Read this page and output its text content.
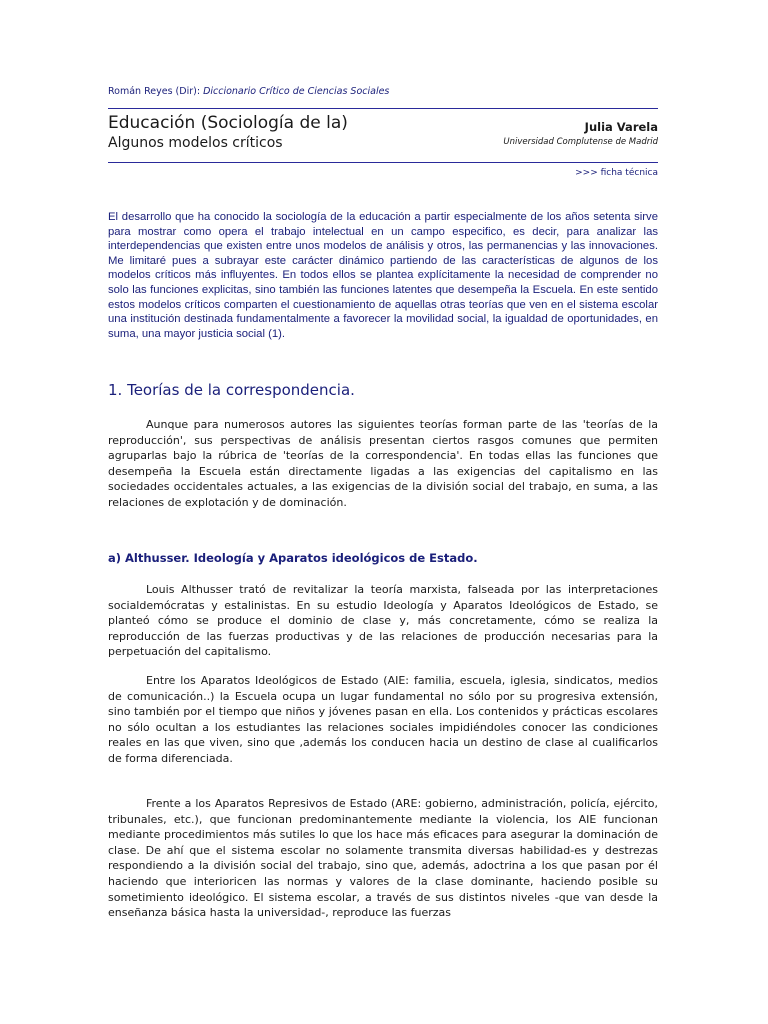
Román Reyes (Dir): Diccionario Crítico de Ciencias Sociales
Educación (Sociología de la)
Algunos modelos críticos
Julia Varela
Universidad Complutense de Madrid
>>> ficha técnica

El desarrollo que ha conocido la sociología de la educación a partir especialmente de los años setenta sirve para mostrar como opera el trabajo intelectual en un campo especifico, es decir, para analizar las interdependencias que existen entre unos modelos de análisis y otros, las permanencias y las innovaciones. Me limitaré pues a subrayar este carácter dinámico partiendo de las características de algunos de los modelos críticos más influyentes. En todos ellos se plantea explícitamente la necesidad de comprender no solo las funciones explicitas, sino también las funciones latentes que desempeña la Escuela. En este sentido estos modelos críticos comparten el cuestionamiento de aquellas otras teorías que ven en el sistema escolar una institución destinada fundamentalmente a favorecer la movilidad social, la igualdad de oportunidades, en suma, una mayor justicia social (1).

1. Teorías de la correspondencia.

Aunque para numerosos autores las siguientes teorías forman parte de las 'teorías de la reproducción', sus perspectivas de análisis presentan ciertos rasgos comunes que permiten agruparlas bajo la rúbrica de 'teorías de la correspondencia'. En todas ellas las funciones que desempeña la Escuela están directamente ligadas a las exigencias del capitalismo en las sociedades occidentales actuales, a las exigencias de la división social del trabajo, en suma, a las relaciones de explotación y de dominación.

a) Althusser. Ideología y Aparatos ideológicos de Estado.

Louis Althusser trató de revitalizar la teoría marxista, falseada por las interpretaciones socialdemócratas y estalinistas. En su estudio Ideología y Aparatos Ideológicos de Estado, se planteó cómo se produce el dominio de clase y, más concretamente, cómo se realiza la reproducción de las fuerzas productivas y de las relaciones de producción necesarias para la perpetuación del capitalismo.

Entre los Aparatos Ideológicos de Estado (AIE: familia, escuela, iglesia, sindicatos, medios de comunicación..) la Escuela ocupa un lugar fundamental no sólo por su progresiva extensión, sino también por el tiempo que niños y jóvenes pasan en ella. Los contenidos y prácticas escolares no sólo ocultan a los estudiantes las relaciones sociales impidiéndoles conocer las condiciones reales en las que viven, sino que ,además los conducen hacia un destino de clase al cualificarlos de forma diferenciada.

Frente a los Aparatos Represivos de Estado (ARE: gobierno, administración, policía, ejército, tribunales, etc.), que funcionan predominantemente mediante la violencia, los AIE funcionan mediante procedimientos más sutiles lo que los hace más eficaces para asegurar la dominación de clase. De ahí que el sistema escolar no solamente transmita diversas habilidad-es y destrezas respondiendo a la división social del trabajo, sino que, además, adoctrina a los que pasan por él haciendo que interioricen las normas y valores de la clase dominante, haciendo posible su sometimiento ideológico. El sistema escolar, a través de sus distintos niveles -que van desde la enseñanza básica hasta la universidad-, reproduce las fuerzas
